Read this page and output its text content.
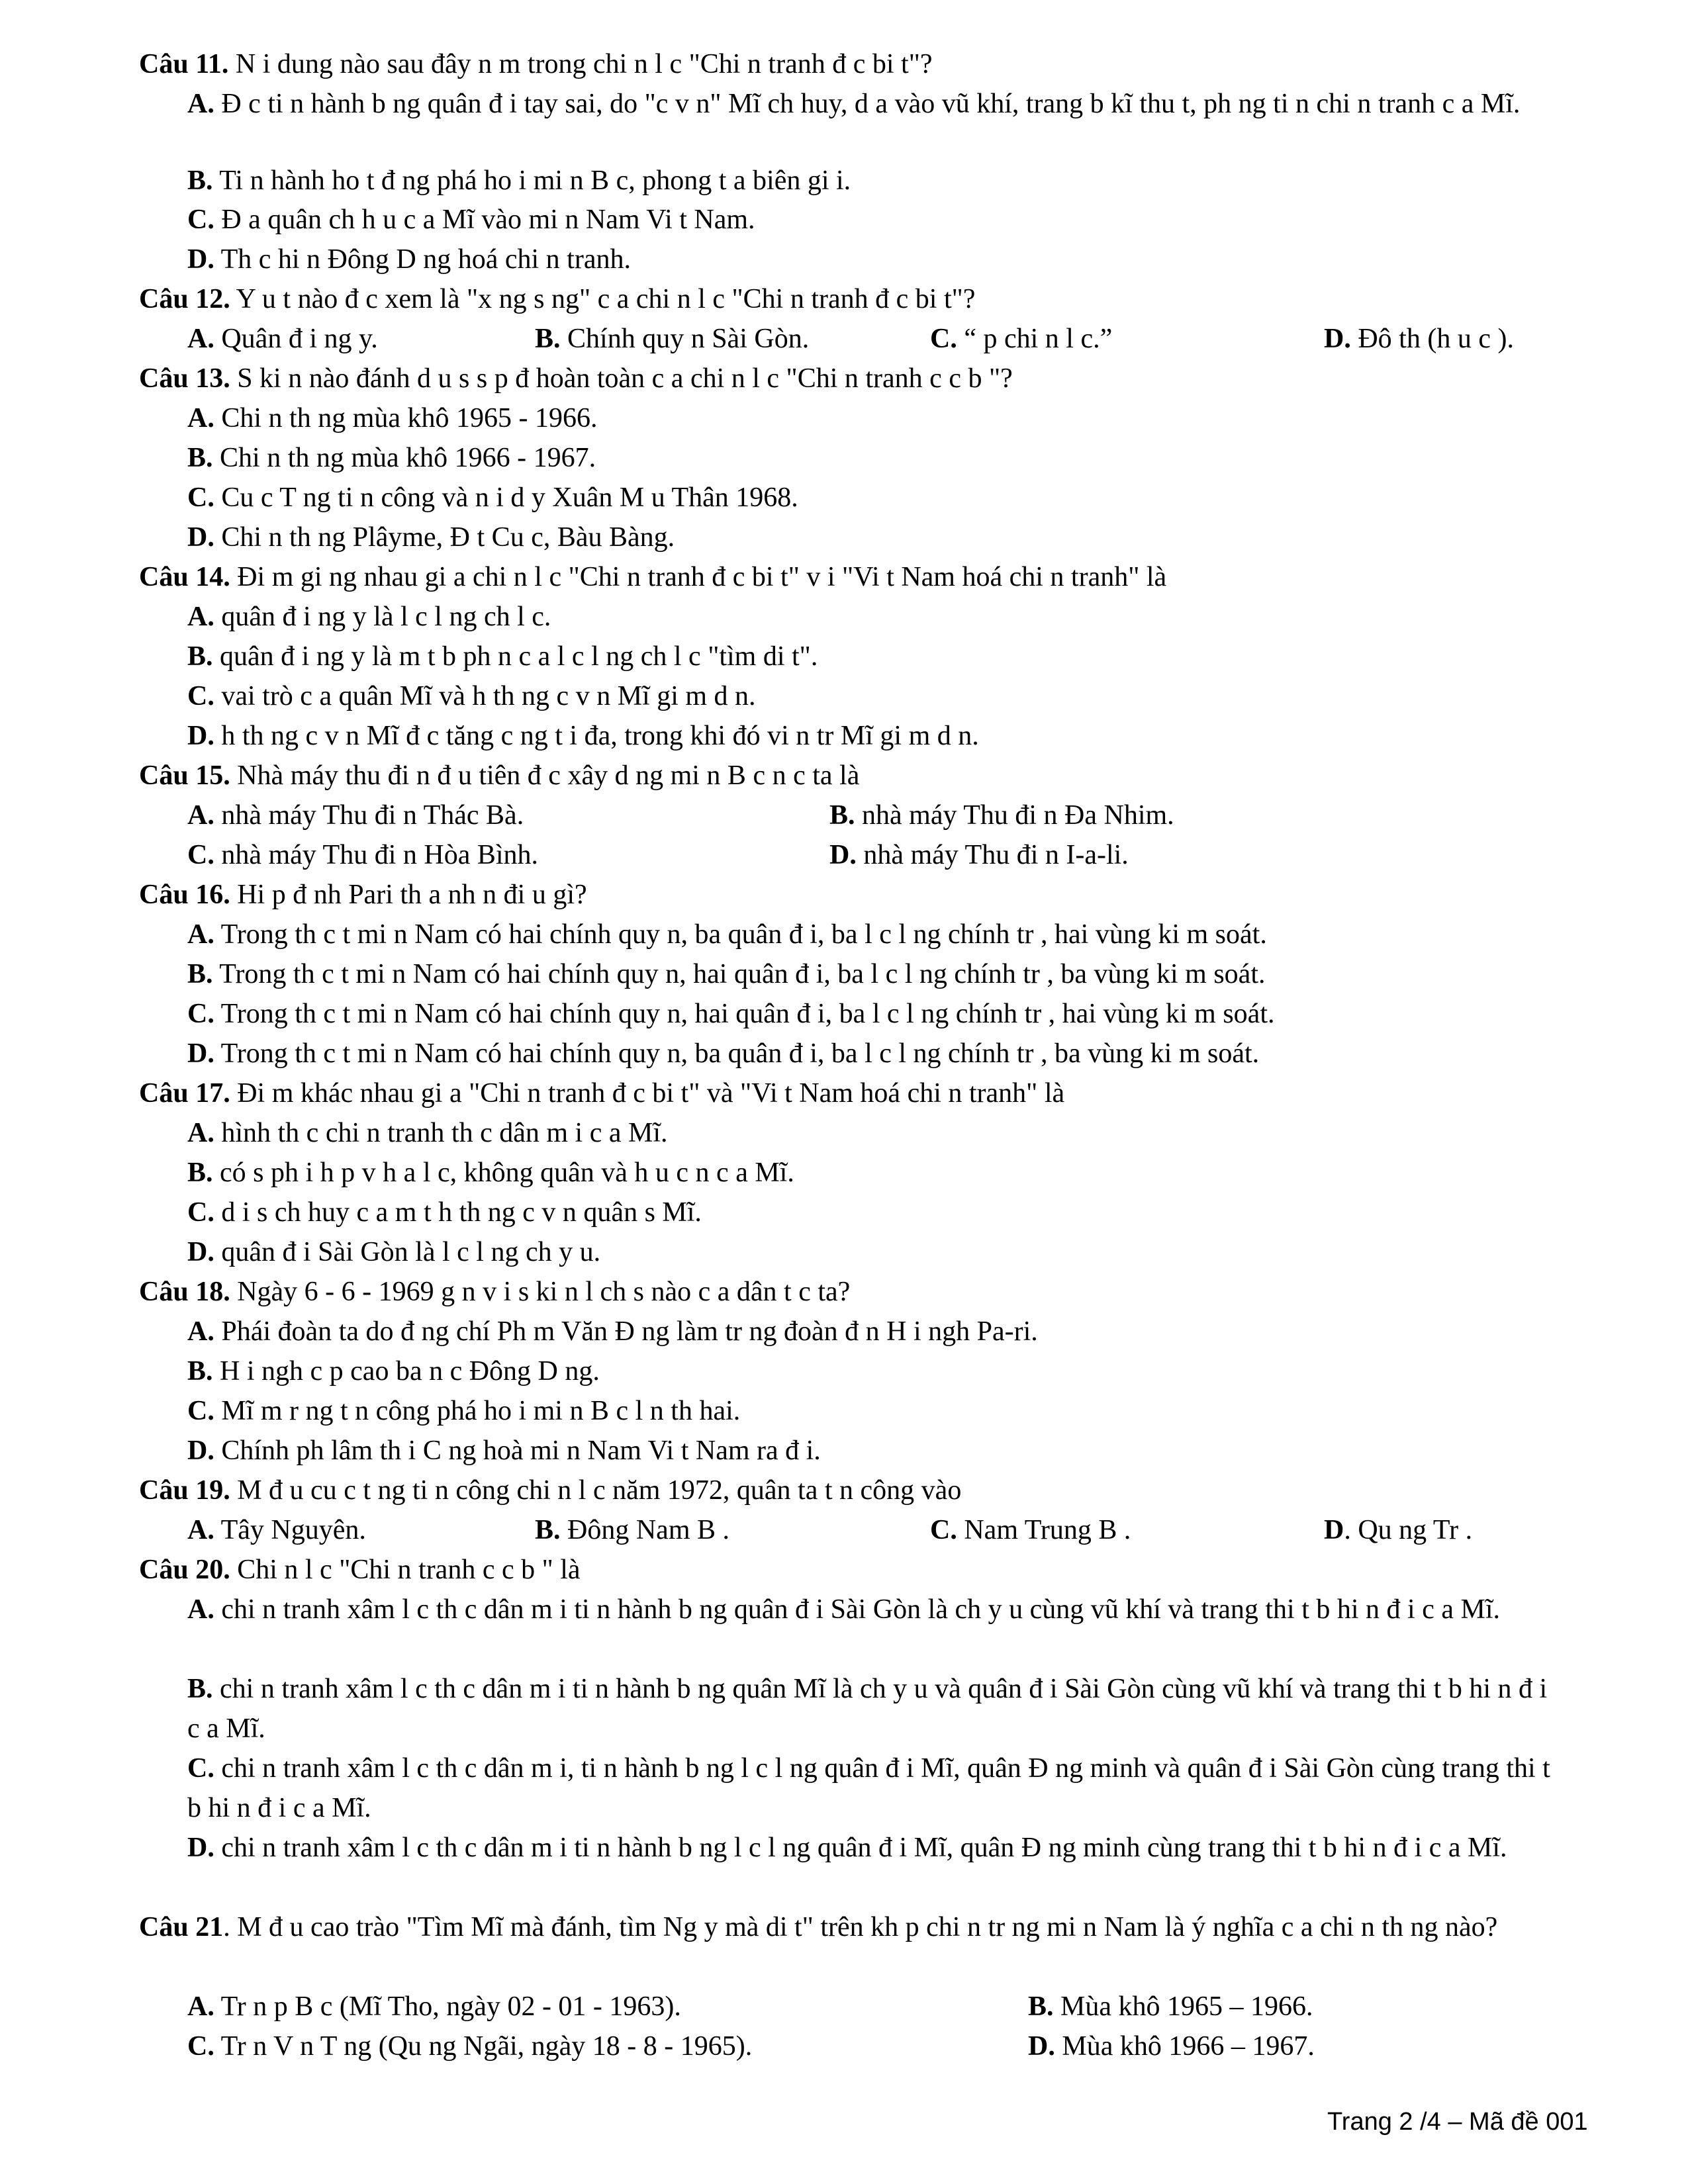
Câu 11. N i dung nào sau đây n m trong chi n l c "Chi n tranh đ c bi t"?
A. Đ c ti n hành b ng quân đ i tay sai, do "c v n" Mĩ ch huy, d a vào vũ khí, trang b kĩ thu t, ph ng ti n chi n tranh c a Mĩ.
B. Ti n hành ho t đ ng phá ho i mi n B c, phong t a biên gi i.
C. Đ a quân ch h u c a Mĩ vào mi n Nam Vi t Nam.
D. Th c hi n Đông D ng hoá chi n tranh.
Câu 12. Y u t nào đ c xem là "x ng s ng" c a chi n l c "Chi n tranh đ c bi t"?
A. Quân đ i ng y.	B. Chính quy n Sài Gòn.	C. “ p chi n l c.”	D. Đô th (h u c ).
Câu 13. S ki n nào đánh d u s s p đ hoàn toàn c a chi n l c "Chi n tranh c c b "?
A. Chi n th ng mùa khô 1965 - 1966.
B. Chi n th ng mùa khô 1966 - 1967.
C. Cu c T ng ti n công và n i d y Xuân M u Thân 1968.
D. Chi n th ng Plâyme, Đ t Cu c, Bàu Bàng.
Câu 14. Đi m gi ng nhau gi a chi n l c "Chi n tranh đ c bi t" v i "Vi t Nam hoá chi n tranh" là
A. quân đ i ng y là l c l ng ch l c.
B. quân đ i ng y là m t b ph n c a l c l ng ch l c "tìm di t".
C. vai trò c a quân Mĩ và h th ng c v n Mĩ gi m d n.
D. h th ng c v n Mĩ đ c tăng c ng t i đa, trong khi đó vi n tr Mĩ gi m d n.
Câu 15. Nhà máy thu đi n đ u tiên đ c xây d ng mi n B c n c ta là
A. nhà máy Thu đi n Thác Bà.	B. nhà máy Thu đi n Đa Nhim.
C. nhà máy Thu đi n Hòa Bình.	D. nhà máy Thu đi n I-a-li.
Câu 16. Hi p đ nh Pari th a nh n đi u gì?
A. Trong th c t mi n Nam có hai chính quy n, ba quân đ i, ba l c l ng chính tr , hai vùng ki m soát.
B. Trong th c t mi n Nam có hai chính quy n, hai quân đ i, ba l c l ng chính tr , ba vùng ki m soát.
C. Trong th c t mi n Nam có hai chính quy n, hai quân đ i, ba l c l ng chính tr , hai vùng ki m soát.
D. Trong th c t mi n Nam có hai chính quy n, ba quân đ i, ba l c l ng chính tr , ba vùng ki m soát.
Câu 17. Đi m khác nhau gi a "Chi n tranh đ c bi t" và "Vi t Nam hoá chi n tranh" là
A. hình th c chi n tranh th c dân m i c a Mĩ.
B. có s ph i h p v h a l c, không quân và h u c n c a Mĩ.
C. d i s ch huy c a m t h th ng c v n quân s Mĩ.
D. quân đ i Sài Gòn là l c l ng ch y u.
Câu 18. Ngày 6 - 6 - 1969 g n v i s ki n l ch s nào c a dân t c ta?
A. Phái đoàn ta do đ ng chí Ph m Văn Đ ng làm tr ng đoàn đ n H i ngh Pa-ri.
B. H i ngh c p cao ba n c Đông D ng.
C. Mĩ m r ng t n công phá ho i mi n B c l n th hai.
D. Chính ph lâm th i C ng hoà mi n Nam Vi t Nam ra đ i.
Câu 19. M đ u cu c t ng ti n công chi n l c năm 1972, quân ta t n công vào
A. Tây Nguyên.	B. Đông Nam B .	C. Nam Trung B .	D. Qu ng Tr .
Câu 20. Chi n l c "Chi n tranh c c b " là
A. chi n tranh xâm l c th c dân m i ti n hành b ng quân đ i Sài Gòn là ch y u cùng vũ khí và trang thi t b hi n đ i c a Mĩ.
B. chi n tranh xâm l c th c dân m i ti n hành b ng quân Mĩ là ch y u và quân đ i Sài Gòn cùng vũ khí và trang thi t b hi n đ i c a Mĩ.
C. chi n tranh xâm l c th c dân m i, ti n hành b ng l c l ng quân đ i Mĩ, quân Đ ng minh và quân đ i Sài Gòn cùng trang thi t b hi n đ i c a Mĩ.
D. chi n tranh xâm l c th c dân m i ti n hành b ng l c l ng quân đ i Mĩ, quân Đ ng minh cùng trang thi t b hi n đ i c a Mĩ.
Câu 21. M đ u cao trào "Tìm Mĩ mà đánh, tìm Ng y mà di t" trên kh p chi n tr ng mi n Nam là ý nghĩa c a chi n th ng nào?
A. Tr n p B c (Mĩ Tho, ngày 02 - 01 - 1963).	B. Mùa khô 1965 – 1966.
C. Tr n V n T ng (Qu ng Ngãi, ngày 18 - 8 - 1965).	D. Mùa khô 1966 – 1967.
Trang 2 /4 – Mã đề 001
